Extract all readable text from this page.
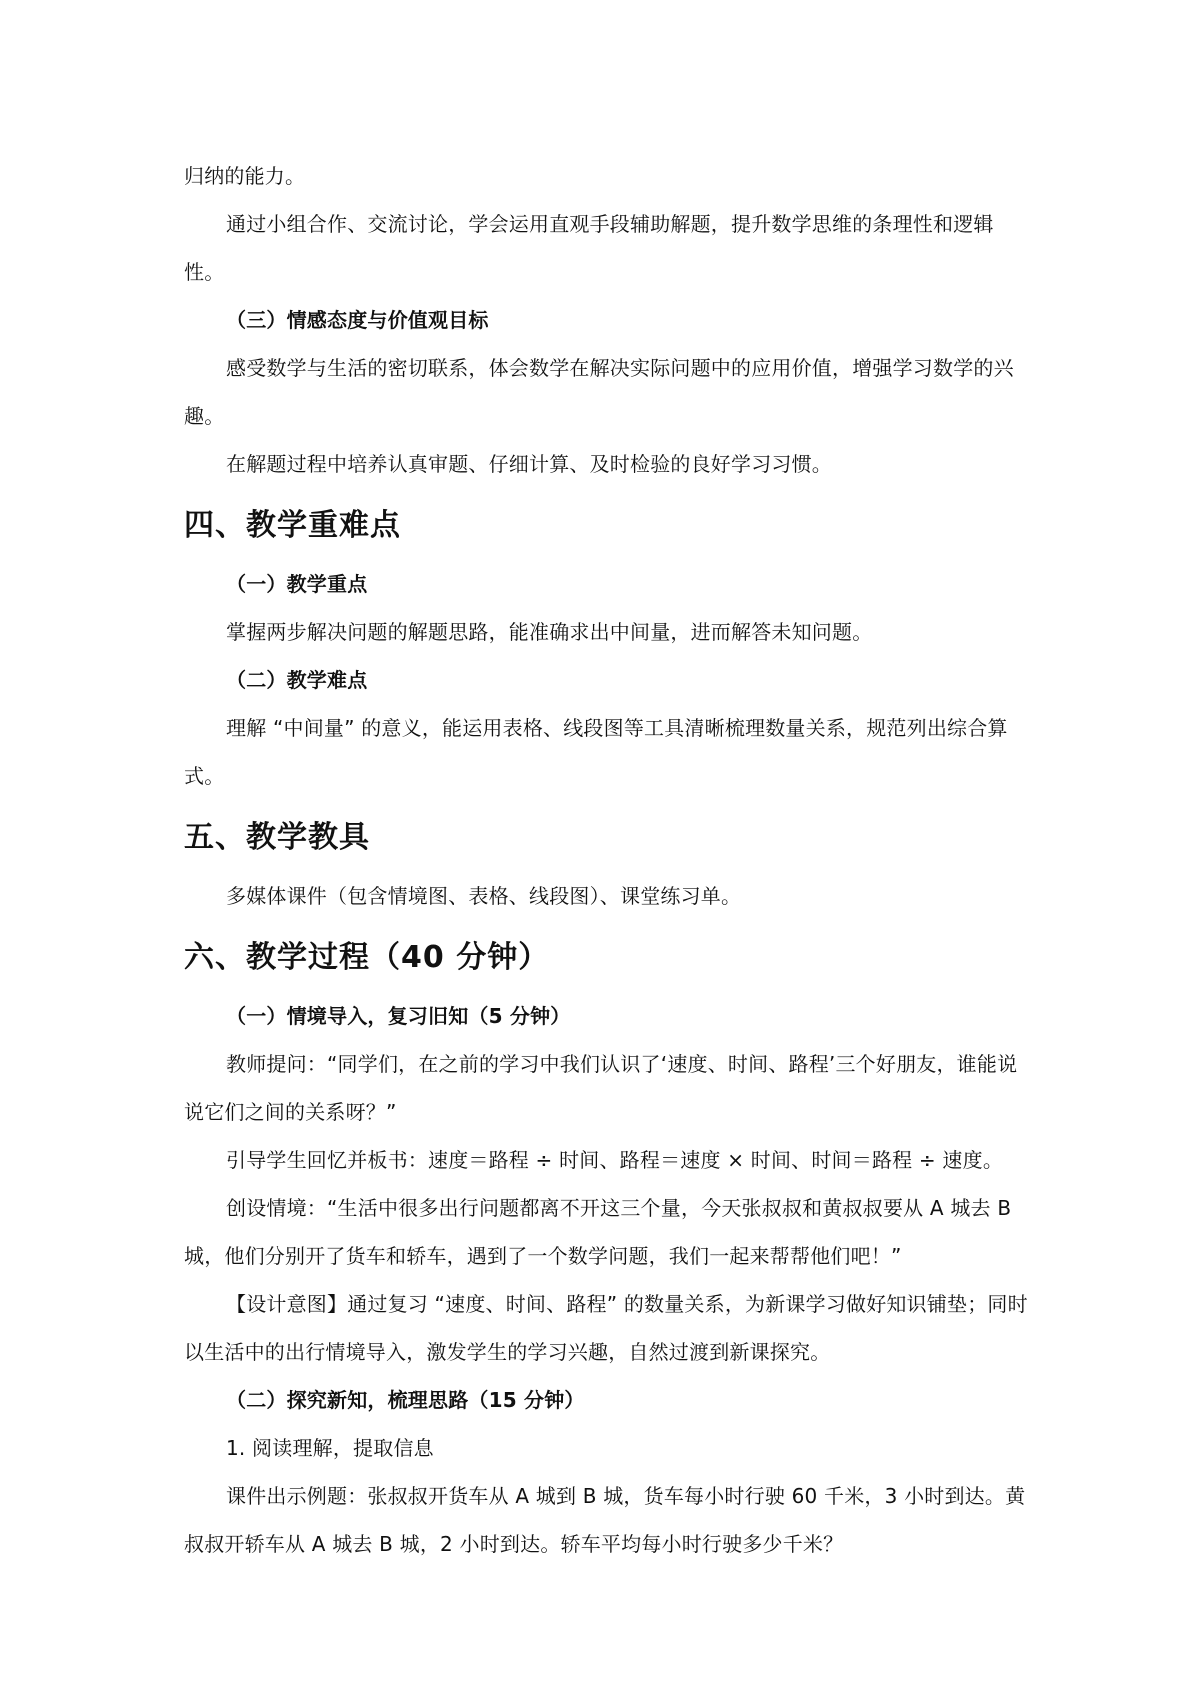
归纳的能力。

通过小组合作、交流讨论，学会运用直观手段辅助解题，提升数学思维的条理性和逻辑性。

（三）情感态度与价值观目标

感受数学与生活的密切联系，体会数学在解决实际问题中的应用价值，增强学习数学的兴趣。

在解题过程中培养认真审题、仔细计算、及时检验的良好学习习惯。

四、教学重难点

（一）教学重点

掌握两步解决问题的解题思路，能准确求出中间量，进而解答未知问题。

（二）教学难点

理解 “中间量” 的意义，能运用表格、线段图等工具清晰梳理数量关系，规范列出综合算式。

五、教学教具

多媒体课件（包含情境图、表格、线段图）、课堂练习单。

六、教学过程（40 分钟）

（一）情境导入，复习旧知（5 分钟）

教师提问：“同学们，在之前的学习中我们认识了‘速度、时间、路程’三个好朋友，谁能说说它们之间的关系呀？”

引导学生回忆并板书：速度＝路程 ÷ 时间、路程＝速度 × 时间、时间＝路程 ÷ 速度。

创设情境：“生活中很多出行问题都离不开这三个量，今天张叔叔和黄叔叔要从 A 城去 B 城，他们分别开了货车和轿车，遇到了一个数学问题，我们一起来帮帮他们吧！”

【设计意图】通过复习 “速度、时间、路程” 的数量关系，为新课学习做好知识铺垫；同时以生活中的出行情境导入，激发学生的学习兴趣，自然过渡到新课探究。

（二）探究新知，梳理思路（15 分钟）

1. 阅读理解，提取信息

课件出示例题：张叔叔开货车从 A 城到 B 城，货车每小时行驶 60 千米，3 小时到达。黄叔叔开轿车从 A 城去 B 城，2 小时到达。轿车平均每小时行驶多少千米？
